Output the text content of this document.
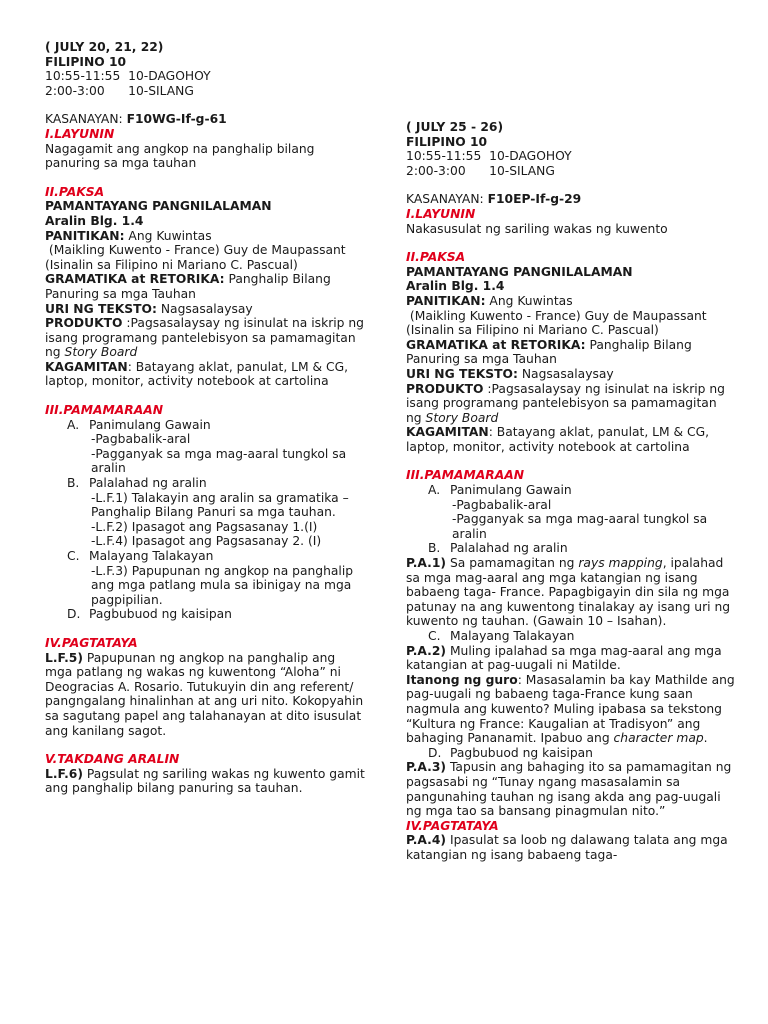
( JULY 20, 21, 22)
FILIPINO 10
10:55-11:55  10-DAGOHOY
2:00-3:00      10-SILANG
KASANAYAN: F10WG-If-g-61
I.LAYUNIN
Nagagamit ang angkop na panghalip bilang panuring sa mga tauhan
II.PAKSA
PAMANTAYANG PANGNILALAMAN
Aralin Blg. 1.4
PANITIKAN: Ang Kuwintas
(Maikling Kuwento - France) Guy de Maupassant
(Isinalin sa Filipino ni Mariano C. Pascual)
GRAMATIKA at RETORIKA: Panghalip Bilang Panuring sa mga Tauhan
URI NG TEKSTO: Nagsasalaysay
PRODUKTO :Pagsasalaysay ng isinulat na iskrip ng isang programang pantelebisyon sa pamamagitan ng Story Board
KAGAMITAN: Batayang aklat, panulat, LM & CG, laptop, monitor, activity notebook at cartolina
III.PAMAMARAAN
A. Panimulang Gawain
-Pagbabalik-aral
-Pagganyak sa mga mag-aaral tungkol sa aralin
B. Palalahad ng aralin
-L.F.1) Talakayin ang aralin sa gramatika –
Panghalip Bilang Panuri sa mga tauhan.
-L.F.2) Ipasagot ang Pagsasanay 1.(I)
-L.F.4) Ipasagot ang Pagsasanay 2. (I)
C. Malayang Talakayan
-L.F.3) Papupunan ng angkop na panghalip
ang mga patlang mula sa ibinigay na mga
pagpipilian.
D. Pagbubuod ng kaisipan
IV.PAGTATAYA
L.F.5) Papupunan ng angkop na panghalip ang mga patlang ng wakas ng kuwentong “Aloha” ni Deogracias A. Rosario. Tutukuyin din ang referent/ pangngalang hinalinhan at ang uri nito. Kokopyahin sa sagutang papel ang talahanayan at dito isusulat ang kanilang sagot.
V.TAKDANG ARALIN
L.F.6) Pagsulat ng sariling wakas ng kuwento gamit ang panghalip bilang panuring sa tauhan.
( JULY 25 - 26)
FILIPINO 10
10:55-11:55  10-DAGOHOY
2:00-3:00      10-SILANG
KASANAYAN: F10EP-If-g-29
I.LAYUNIN
Nakasusulat ng sariling wakas ng kuwento
II.PAKSA
PAMANTAYANG PANGNILALAMAN
Aralin Blg. 1.4
PANITIKAN: Ang Kuwintas
(Maikling Kuwento - France) Guy de Maupassant
(Isinalin sa Filipino ni Mariano C. Pascual)
GRAMATIKA at RETORIKA: Panghalip Bilang Panuring sa mga Tauhan
URI NG TEKSTO: Nagsasalaysay
PRODUKTO :Pagsasalaysay ng isinulat na iskrip ng isang programang pantelebisyon sa pamamagitan ng Story Board
KAGAMITAN: Batayang aklat, panulat, LM & CG, laptop, monitor, activity notebook at cartolina
III.PAMAMARAAN
A. Panimulang Gawain
-Pagbabalik-aral
-Pagganyak sa mga mag-aaral tungkol sa aralin
B. Palalahad ng aralin
P.A.1) Sa pamamagitan ng rays mapping, ipalahad sa mga mag-aaral ang mga katangian ng isang babaeng taga- France. Papagbigayin din sila ng mga patunay na ang kuwentong tinalakay ay isang uri ng kuwento ng tauhan. (Gawain 10 – Isahan).
C. Malayang Talakayan
P.A.2) Muling ipalahad sa mga mag-aaral ang mga katangian at pag-uugali ni Matilde.
Itanong ng guro: Masasalamin ba kay Mathilde ang pag-uugali ng babaeng taga-France kung saan nagmula ang kuwento? Muling ipabasa sa tekstong “Kultura ng France: Kaugalian at Tradisyon” ang bahaging Pananamit. Ipabuo ang character map.
D. Pagbubuod ng kaisipan
P.A.3) Tapusin ang bahaging ito sa pamamagitan ng pagsasabi ng “Tunay ngang masasalamin sa pangunahing tauhan ng isang akda ang pag-uugali ng mga tao sa bansang pinagmulan nito.”
IV.PAGTATAYA
P.A.4) Ipasulat sa loob ng dalawang talata ang mga katangian ng isang babaeng taga-
